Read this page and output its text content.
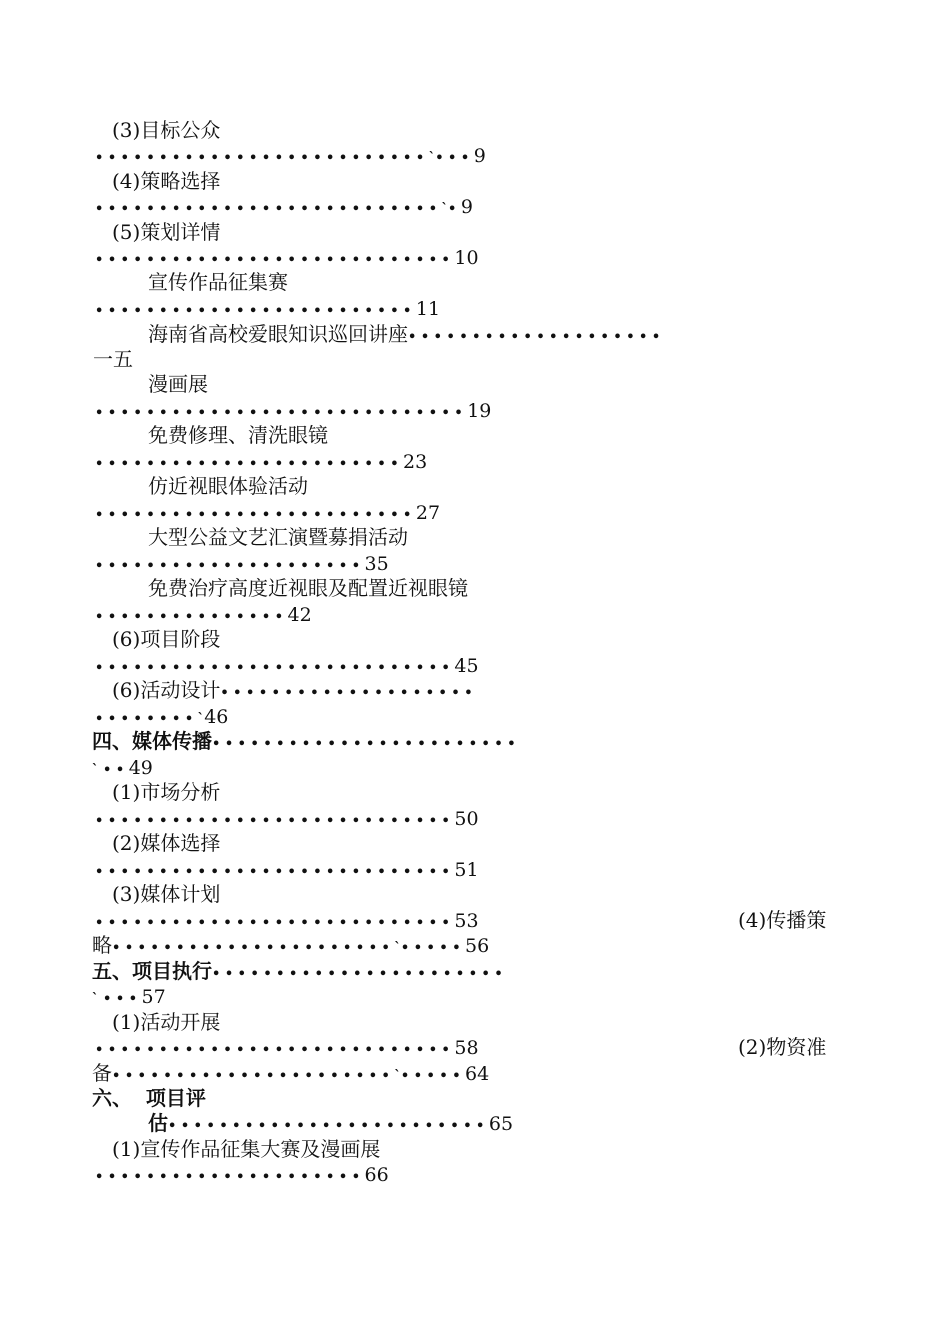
(3)目标公众
• • • • • • • • • • • • • • • • • • • • • • • • • • `• • • 9
(4)策略选择
• • • • • • • • • • • • • • • • • • • • • • • • • • • `• 9
(5)策划详情
• • • • • • • • • • • • • • • • • • • • • • • • • • • • 10
宣传作品征集赛
• • • • • • • • • • • • • • • • • • • • • • • • • 11
海南省高校爱眼知识巡回讲座• • • • • • • • • • • • • • • • • • • •
一五
漫画展
• • • • • • • • • • • • • • • • • • • • • • • • • • • • • 19
免费修理、清洗眼镜
• • • • • • • • • • • • • • • • • • • • • • • • 23
仿近视眼体验活动
• • • • • • • • • • • • • • • • • • • • • • • • • 27
大型公益文艺汇演暨募捐活动
• • • • • • • • • • • • • • • • • • • • • 35
免费治疗高度近视眼及配置近视眼镜
• • • • • • • • • • • • • • • 42
(6)项目阶段
• • • • • • • • • • • • • • • • • • • • • • • • • • • • 45
(6)活动设计• • • • • • • • • • • • • • • • • • • •
• • • • • • • • `46
四、媒体传播• • • • • • • • • • • • • • • • • • • • • • • •
` • • 49
(1)市场分析
• • • • • • • • • • • • • • • • • • • • • • • • • • • • 50
(2)媒体选择
• • • • • • • • • • • • • • • • • • • • • • • • • • • • 51
(3)媒体计划
• • • • • • • • • • • • • • • • • • • • • • • • • • • • 53	(4)传播策
略• • • • • • • • • • • • • • • • • • • • • • `• • • • • 56
五、项目执行• • • • • • • • • • • • • • • • • • • • • • •
` • • • 57
(1)活动开展
• • • • • • • • • • • • • • • • • • • • • • • • • • • • 58	(2)物资准
备• • • • • • • • • • • • • • • • • • • • • • `• • • • • 64
六、  项目评
估• • • • • • • • • • • • • • • • • • • • • • • • • 65
(1)宣传作品征集大赛及漫画展
• • • • • • • • • • • • • • • • • • • • • 66
